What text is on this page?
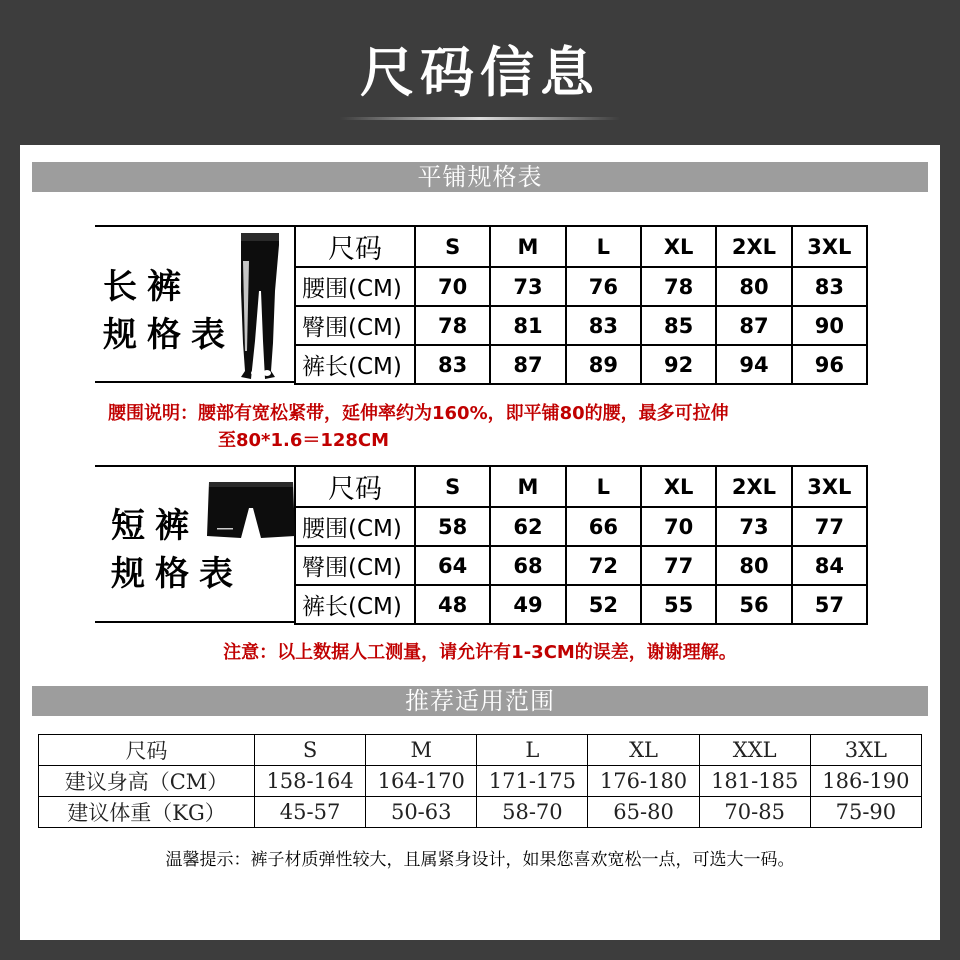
尺码信息
平铺规格表
长裤
规格表	尺码	S	M	L	XL	2XL	3XL
	腰围(CM)	70	73	76	78	80	83
	臀围(CM)	78	81	83	85	87	90
	裤长(CM)	83	87	89	92	94	96
腰围说明：腰部有宽松紧带，延伸率约为160%，即平铺80的腰，最多可拉伸
至80*1.6＝128CM
短裤
规格表	尺码	S	M	L	XL	2XL	3XL
	腰围(CM)	58	62	66	70	73	77
	臀围(CM)	64	68	72	77	80	84
	裤长(CM)	48	49	52	55	56	57
注意：以上数据人工测量，请允许有1-3CM的误差，谢谢理解。
推荐适用范围
尺码	S	M	L	XL	XXL	3XL
建议身高（CM）	158-164	164-170	171-175	176-180	181-185	186-190
建议体重（KG）	45-57	50-63	58-70	65-80	70-85	75-90
温馨提示：裤子材质弹性较大，且属紧身设计，如果您喜欢宽松一点，可选大一码。
